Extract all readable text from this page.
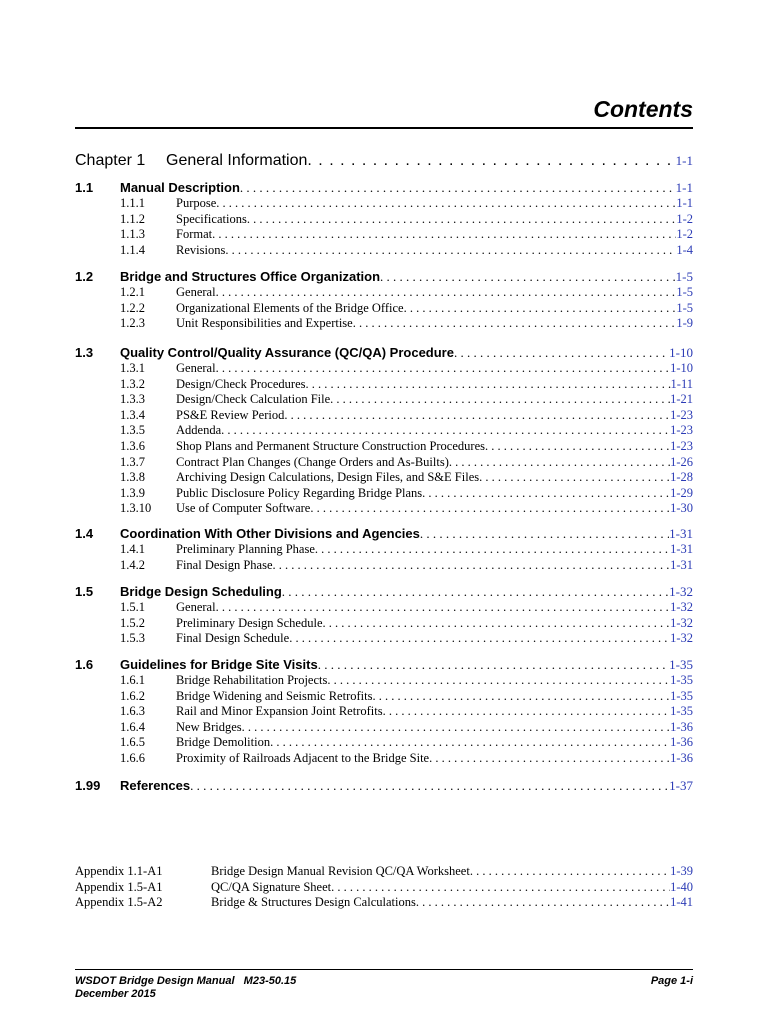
Contents
Chapter 1	General Information . . .	1-1
1.1	Manual Description . . .	1-1
1.1.1	Purpose . . .	1-1
1.1.2	Specifications . . .	1-2
1.1.3	Format . . .	1-2
1.1.4	Revisions . . .	1-4
1.2	Bridge and Structures Office Organization . . .	1-5
1.2.1	General . . .	1-5
1.2.2	Organizational Elements of the Bridge Office . . .	1-5
1.2.3	Unit Responsibilities and Expertise . . .	1-9
1.3	Quality Control/Quality Assurance (QC/QA) Procedure . . .	1-10
1.3.1	General . . .	1-10
1.3.2	Design/Check Procedures . . .	1-11
1.3.3	Design/Check Calculation File . . .	1-21
1.3.4	PS&E Review Period . . .	1-23
1.3.5	Addenda . . .	1-23
1.3.6	Shop Plans and Permanent Structure Construction Procedures . . .	1-23
1.3.7	Contract Plan Changes (Change Orders and As-Builts) . . .	1-26
1.3.8	Archiving Design Calculations, Design Files, and S&E Files . . .	1-28
1.3.9	Public Disclosure Policy Regarding Bridge Plans . . .	1-29
1.3.10	Use of Computer Software . . .	1-30
1.4	Coordination With Other Divisions and Agencies . . .	1-31
1.4.1	Preliminary Planning Phase . . .	1-31
1.4.2	Final Design Phase . . .	1-31
1.5	Bridge Design Scheduling . . .	1-32
1.5.1	General . . .	1-32
1.5.2	Preliminary Design Schedule . . .	1-32
1.5.3	Final Design Schedule . . .	1-32
1.6	Guidelines for Bridge Site Visits . . .	1-35
1.6.1	Bridge Rehabilitation Projects . . .	1-35
1.6.2	Bridge Widening and Seismic Retrofits . . .	1-35
1.6.3	Rail and Minor Expansion Joint Retrofits . . .	1-35
1.6.4	New Bridges . . .	1-36
1.6.5	Bridge Demolition . . .	1-36
1.6.6	Proximity of Railroads Adjacent to the Bridge Site . . .	1-36
1.99	References . . .	1-37
Appendix 1.1-A1	Bridge Design Manual Revision QC/QA Worksheet . . .	1-39
Appendix 1.5-A1	QC/QA Signature Sheet . . .	1-40
Appendix 1.5-A2	Bridge & Structures Design Calculations . . .	1-41
WSDOT Bridge Design Manual   M23-50.15
December 2015
Page 1-i
